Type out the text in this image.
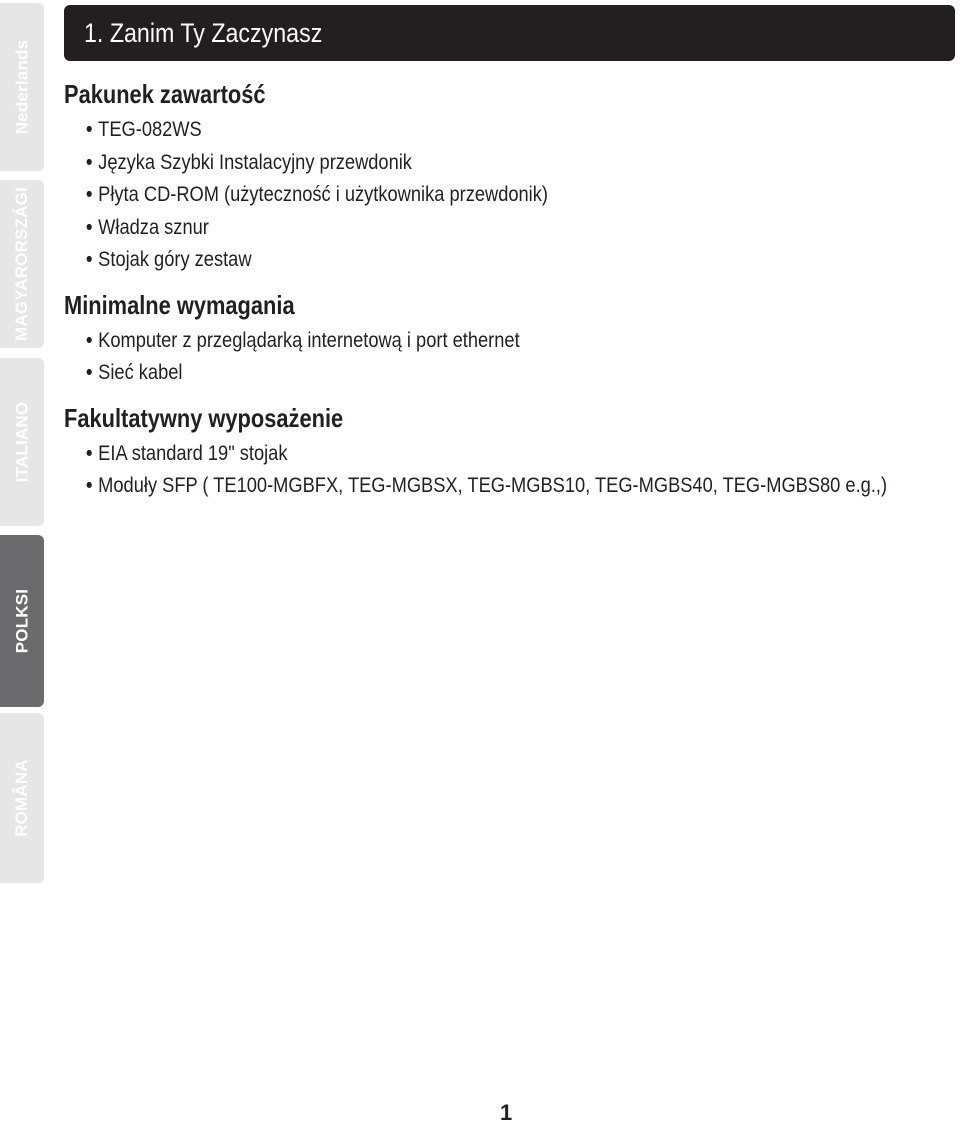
Nederlands
MAGYARORSZÁGI
ITALIANO
POLKSI
ROMÂNA
1. Zanim Ty Zaczynasz
Pakunek zawartość
• TEG-082WS
• Języka Szybki Instalacyjny przewdonik
• Płyta CD-ROM (użyteczność i użytkownika przewdonik)
• Władza sznur
• Stojak góry zestaw
Minimalne wymagania
• Komputer z przeglądarką internetową i port ethernet
• Sieć kabel
Fakultatywny wyposażenie
• EIA standard 19" stojak
• Moduły SFP ( TE100-MGBFX, TEG-MGBSX, TEG-MGBS10, TEG-MGBS40, TEG-MGBS80 e.g.,)
1
